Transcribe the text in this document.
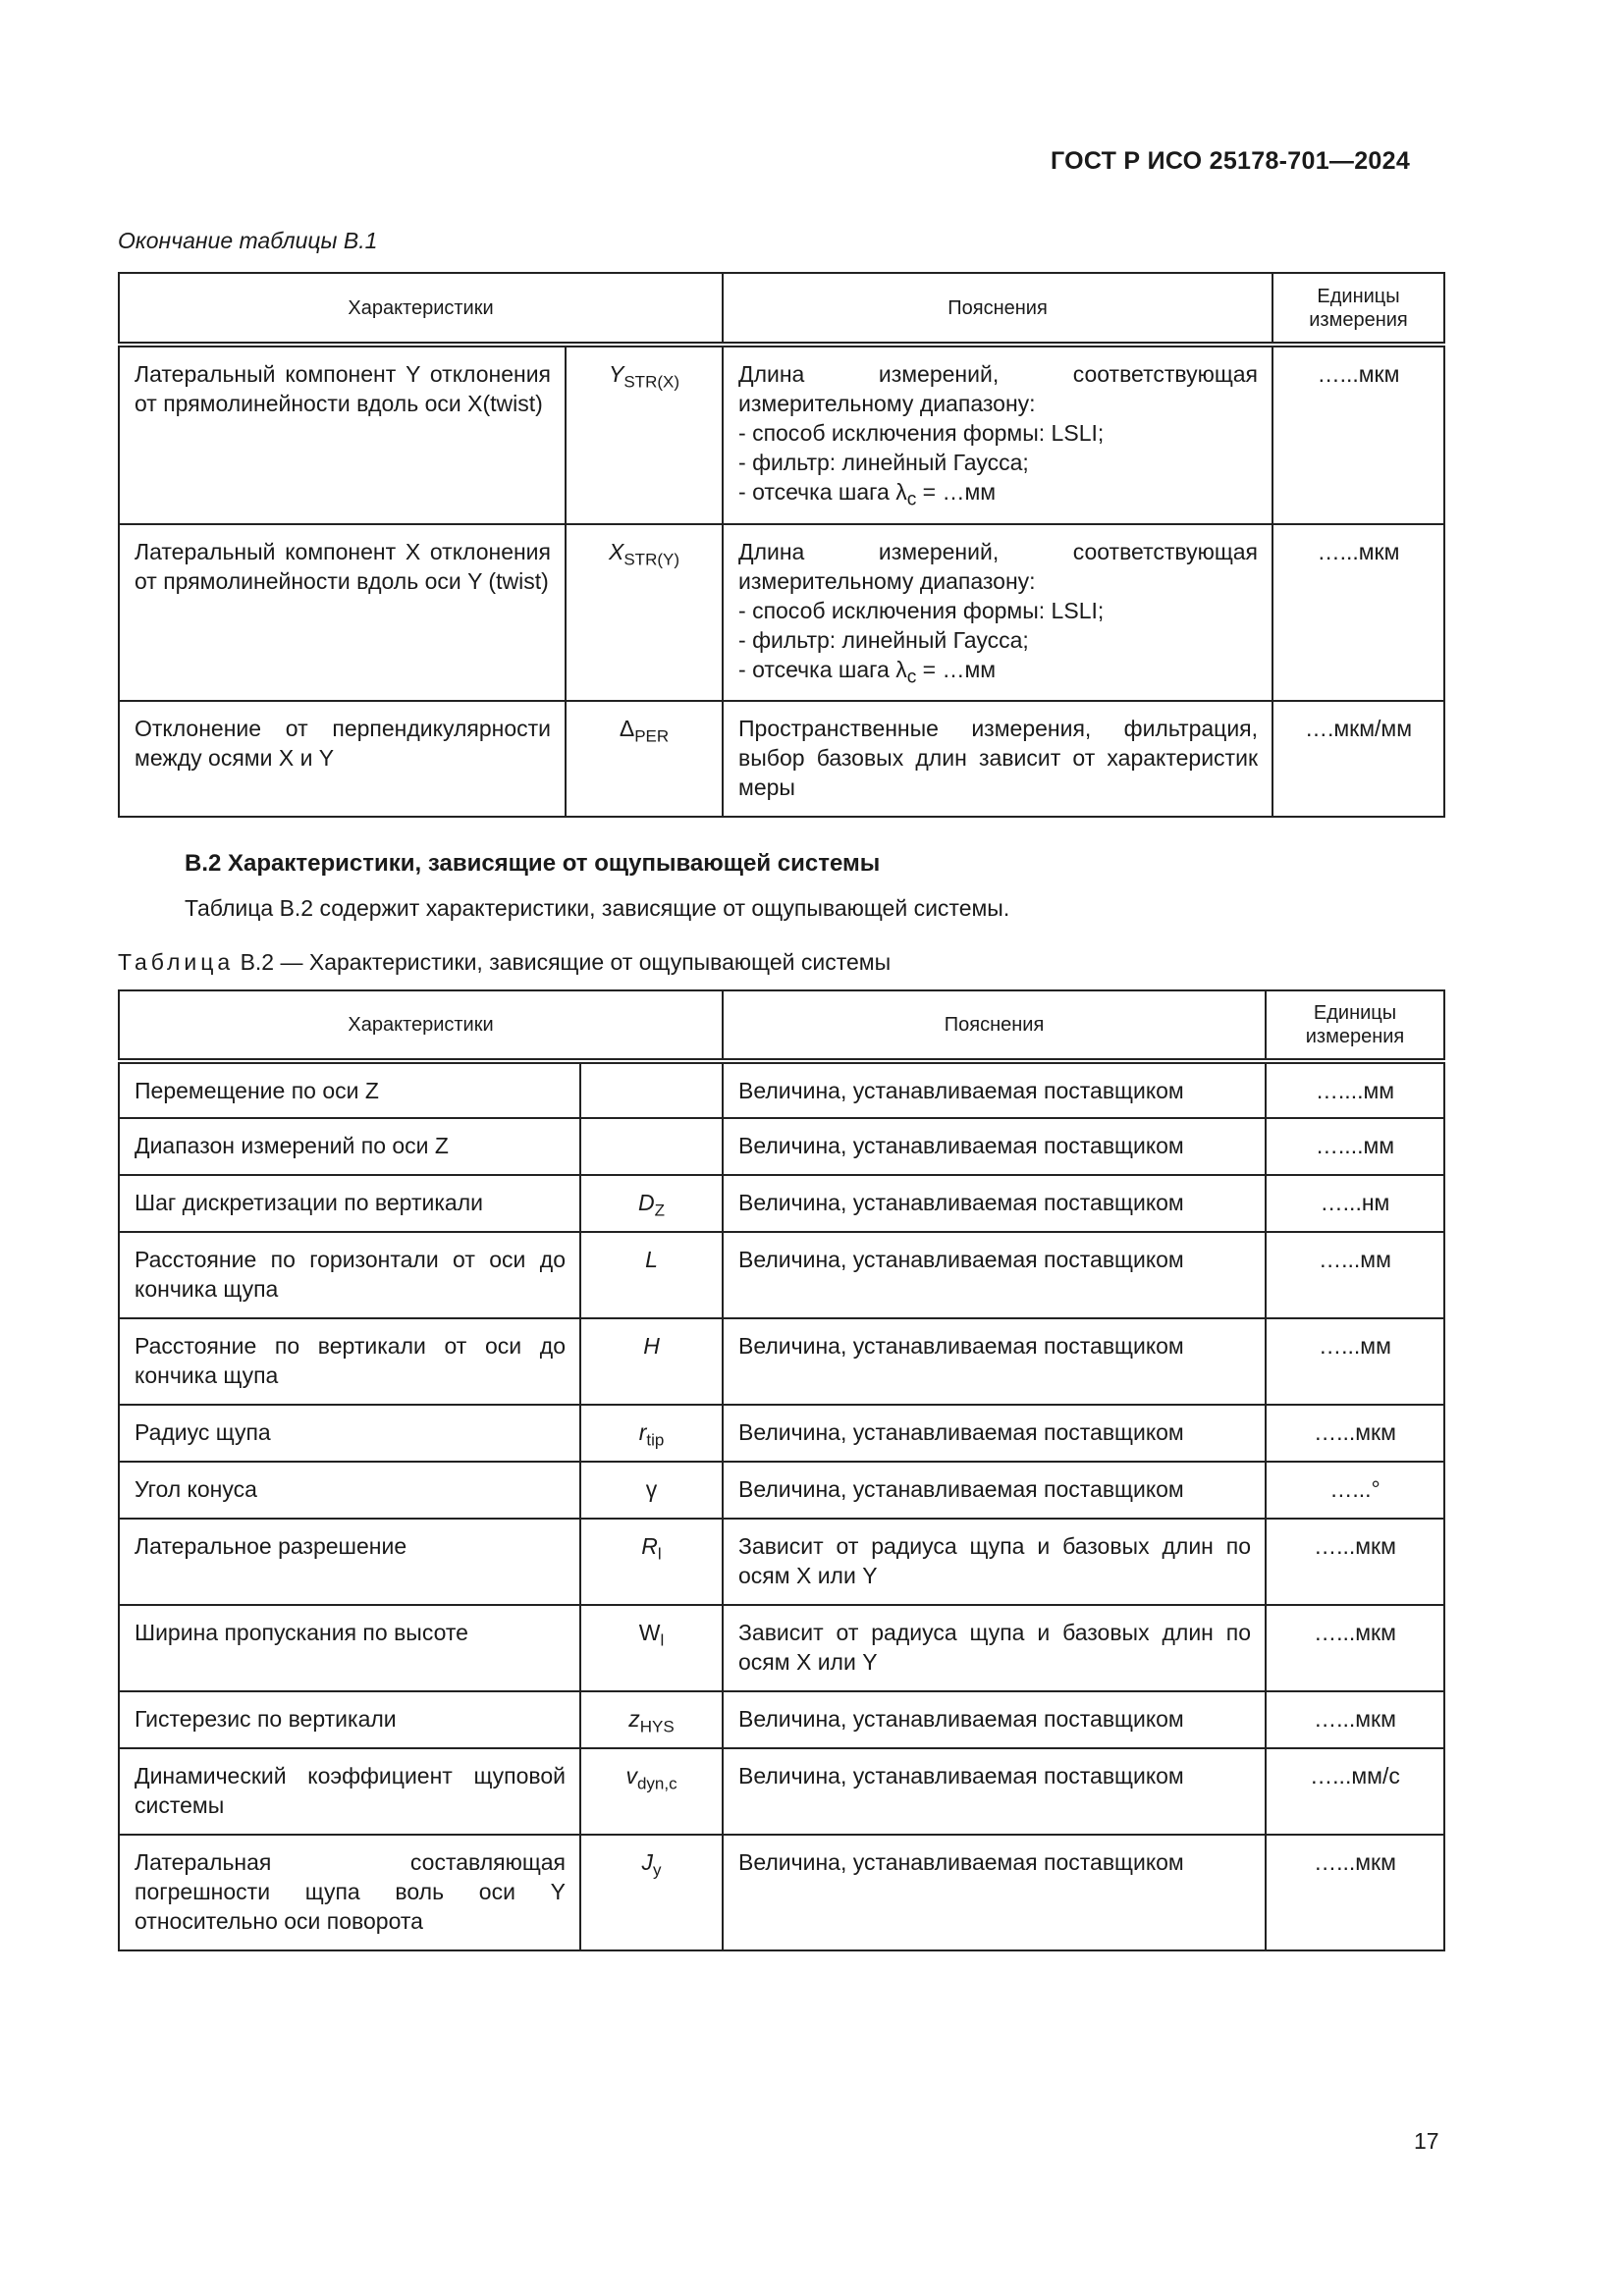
ГОСТ Р ИСО 25178-701—2024
Окончание таблицы В.1
Характеристики		Пояснения	Единицы измерения
Латеральный компонент Y отклонения от прямолинейности вдоль оси X(twist)	$Y_{STR(X)}$	Длина измерений, соответствующая измерительному диапазону:
- способ исключения формы: LSLI;
- фильтр: линейный Гаусса;
- отсечка шага $\lambda_c$ = …мм	…...мкм
Латеральный компонент X отклонения от прямолинейности вдоль оси Y (twist)	$X_{STR(Y)}$	Длина измерений, соответствующая измерительному диапазону:
- способ исключения формы: LSLI;
- фильтр: линейный Гаусса;
- отсечка шага $\lambda_c$ = …мм	…...мкм
Отклонение от перпендикулярности между осями X и Y	$\Delta_{PER}$	Пространственные измерения, фильтрация, выбор базовых длин зависит от характеристик меры	….мкм/мм
В.2 Характеристики, зависящие от ощупывающей системы
Таблица В.2 содержит характеристики, зависящие от ощупывающей системы.
Таблица В.2 — Характеристики, зависящие от ощупывающей системы
Характеристики		Пояснения	Единицы измерения
Перемещение по оси Z		Величина, устанавливаемая поставщиком	…....мм
Диапазон измерений по оси Z		Величина, устанавливаемая поставщиком	…....мм
Шаг дискретизации по вертикали	$D_Z$	Величина, устанавливаемая поставщиком	…...нм
Расстояние по горизонтали от оси до кончика щупа	L	Величина, устанавливаемая поставщиком	…...мм
Расстояние по вертикали от оси до кончика щупа	H	Величина, устанавливаемая поставщиком	…...мм
Радиус щупа	$r_{tip}$	Величина, устанавливаемая поставщиком	…...мкм
Угол конуса	γ	Величина, устанавливаемая поставщиком	…...°
Латеральное разрешение	$R_l$	Зависит от радиуса щупа и базовых длин по осям X или Y	…...мкм
Ширина пропускания по высоте	$W_l$	Зависит от радиуса щупа и базовых длин по осям X или Y	…...мкм
Гистерезис по вертикали	$z_{HYS}$	Величина, устанавливаемая поставщиком	…...мкм
Динамический коэффициент щуповой системы	$v_{dyn,c}$	Величина, устанавливаемая поставщиком	…...мм/с
Латеральная составляющая погрешности щупа воль оси Y относительно оси поворота	$J_y$	Величина, устанавливаемая поставщиком	…...мкм
17
